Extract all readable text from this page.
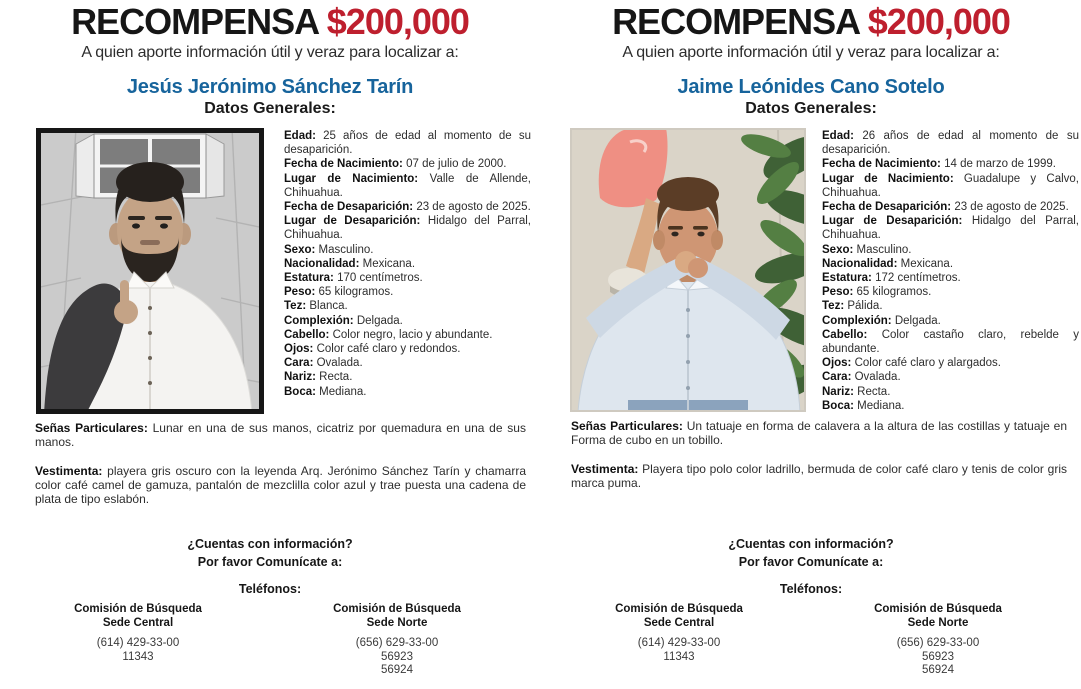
RECOMPENSA $200,000

A quien aporte información útil y veraz para localizar a:

Jesús Jerónimo Sánchez Tarín
Datos Generales:
Edad: 25 años de edad al momento de su desaparición.
Fecha de Nacimiento: 07 de julio de 2000.
Lugar de Nacimiento: Valle de Allende, Chihuahua.
Fecha de Desaparición: 23 de agosto de 2025.
Lugar de Desaparición: Hidalgo del Parral, Chihuahua.
Sexo: Masculino.
Nacionalidad: Mexicana.
Estatura: 170 centímetros.
Peso: 65 kilogramos.
Tez: Blanca.
Complexión: Delgada.
Cabello: Color negro, lacio y abundante.
Ojos: Color café claro y redondos.
Cara: Ovalada.
Nariz: Recta.
Boca: Mediana.

Señas Particulares: Lunar en una de sus manos, cicatriz por quemadura en una de sus manos.

Vestimenta: playera gris oscuro con la leyenda Arq. Jerónimo Sánchez Tarín y chamarra color café camel de gamuza, pantalón de mezclilla color azul y trae puesta una cadena de plata de tipo eslabón.

¿Cuentas con información?
Por favor Comunícate a:
Teléfonos:
Comisión de Búsqueda
Sede Central
(614) 429-33-00
11343
Comisión de Búsqueda
Sede Norte
(656) 629-33-00
56923
56924
RECOMPENSA $200,000

A quien aporte información útil y veraz para localizar a:

Jaime Leónides Cano Sotelo
Datos Generales:
Edad: 26 años de edad al momento de su desaparición.
Fecha de Nacimiento: 14 de marzo de 1999.
Lugar de Nacimiento: Guadalupe y Calvo, Chihuahua.
Fecha de Desaparición: 23 de agosto de 2025.
Lugar de Desaparición: Hidalgo del Parral, Chihuahua.
Sexo: Masculino.
Nacionalidad: Mexicana.
Estatura: 172 centímetros.
Peso: 65 kilogramos.
Tez: Pálida.
Complexión: Delgada.
Cabello: Color castaño claro, rebelde y abundante.
Ojos: Color café claro y alargados.
Cara: Ovalada.
Nariz: Recta.
Boca: Mediana.

Señas Particulares: Un tatuaje en forma de calavera a la altura de las costillas y tatuaje en Forma de cubo en un tobillo.

Vestimenta: Playera tipo polo color ladrillo, bermuda de color café claro y tenis de color gris marca puma.

¿Cuentas con información?
Por favor Comunícate a:
Teléfonos:
Comisión de Búsqueda
Sede Central
(614) 429-33-00
11343
Comisión de Búsqueda
Sede Norte
(656) 629-33-00
56923
56924
